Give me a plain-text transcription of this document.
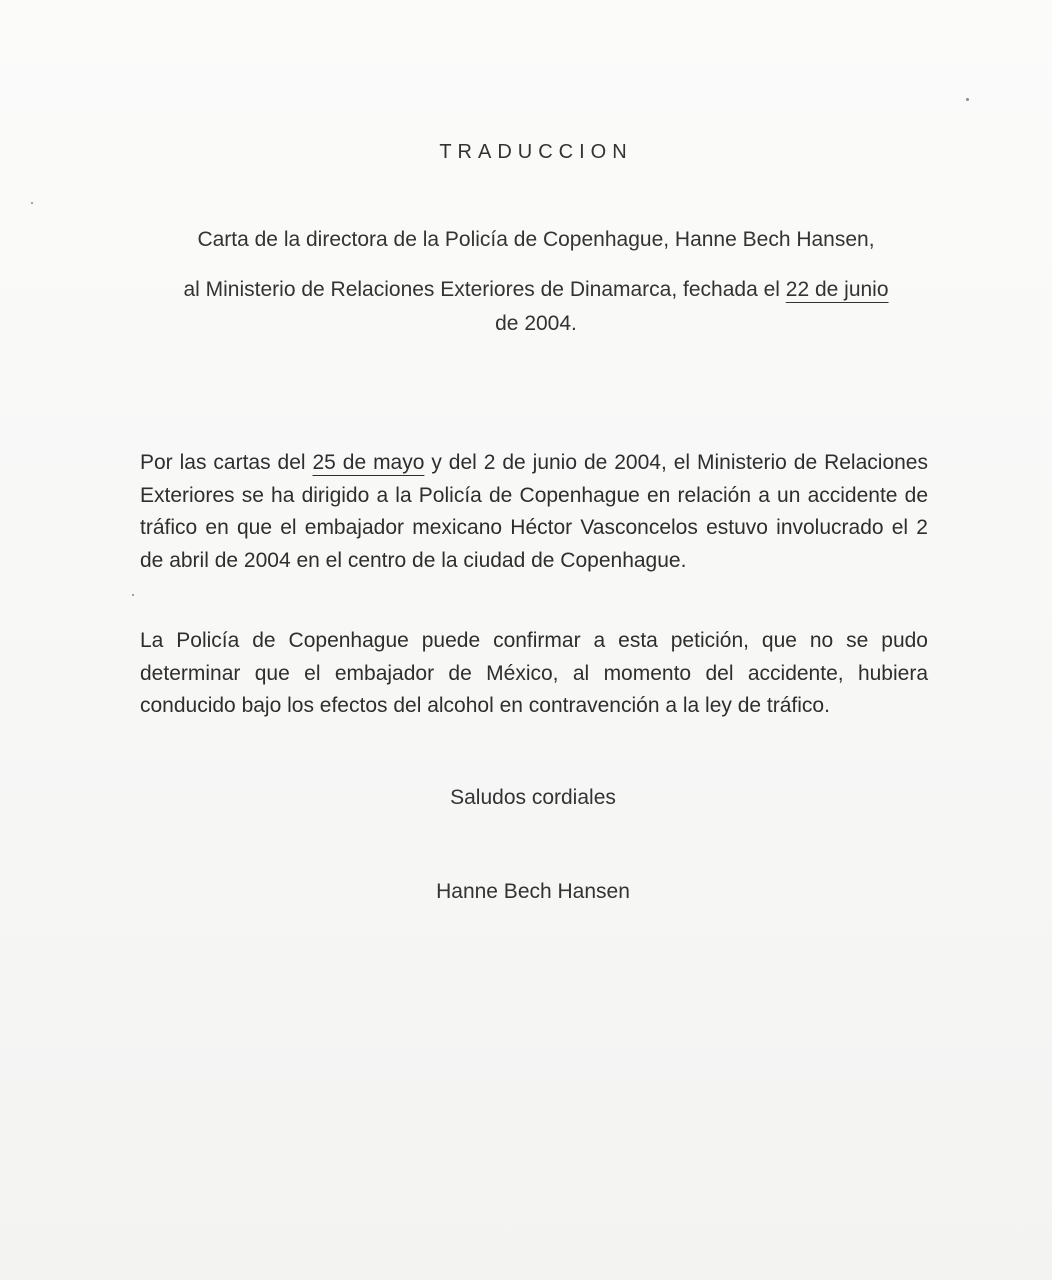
TRADUCCION
Carta de la directora de la Policía de Copenhague, Hanne Bech Hansen,
al Ministerio de Relaciones Exteriores de Dinamarca, fechada el 22 de junio
de 2004.
Por las cartas del 25 de mayo y del 2 de junio de 2004, el Ministerio de Relaciones Exteriores se ha dirigido a la Policía de Copenhague en relación a un accidente de tráfico en que el embajador mexicano Héctor Vasconcelos estuvo involucrado el 2 de abril de 2004 en el centro de la ciudad de Copenhague.
La Policía de Copenhague puede confirmar a esta petición, que no se pudo determinar que el embajador de México, al momento del accidente, hubiera conducido bajo los efectos del alcohol en contravención a la ley de tráfico.
Saludos cordiales
Hanne Bech Hansen
